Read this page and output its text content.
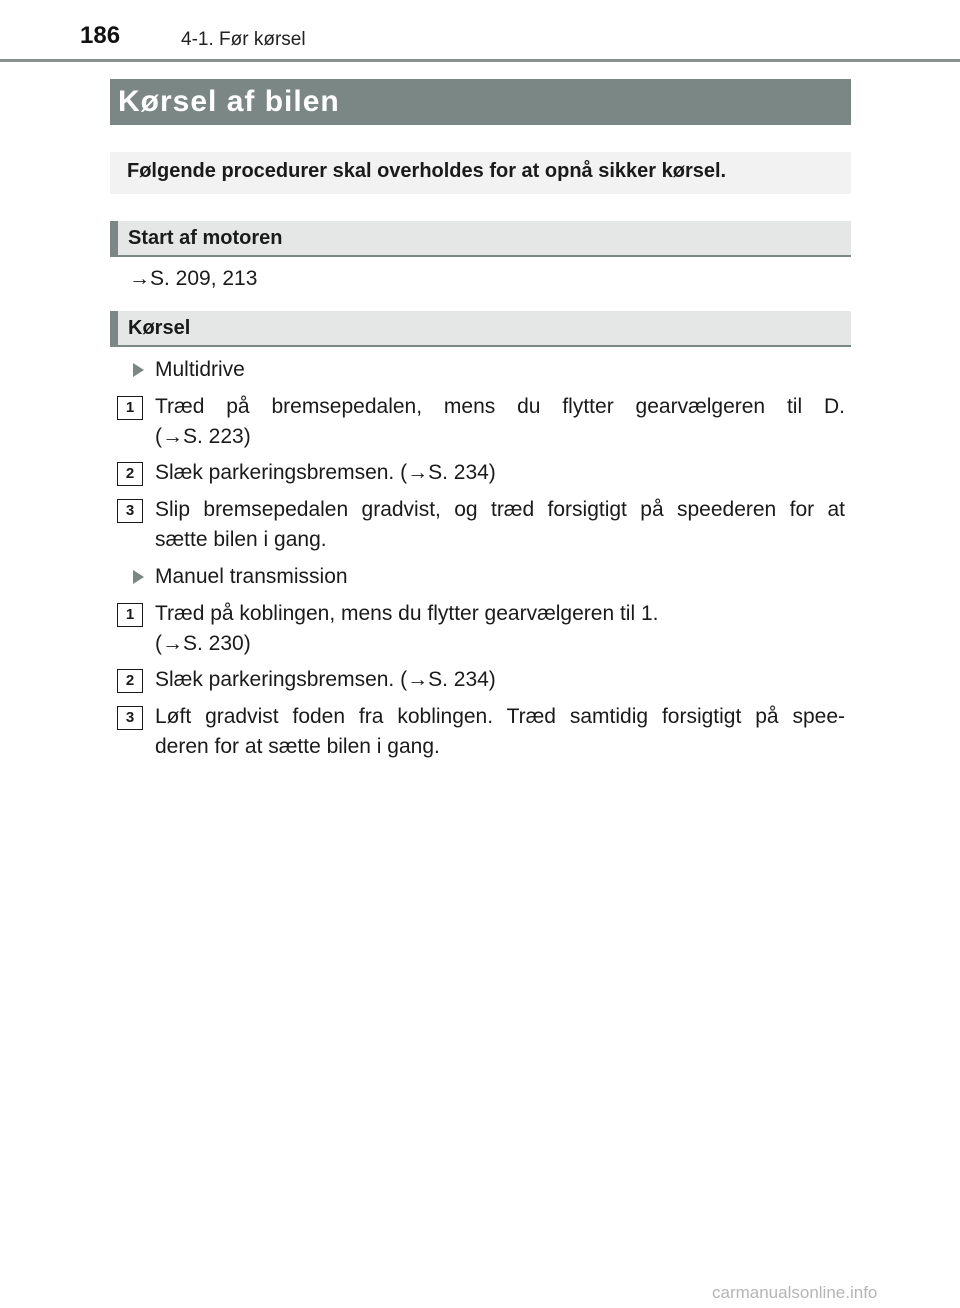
186	4-1. Før kørsel
Kørsel af bilen
Følgende procedurer skal overholdes for at opnå sikker kørsel.
Start af motoren
→S. 209, 213
Kørsel
Multidrive
1 Træd på bremsepedalen, mens du flytter gearvælgeren til D.
(→S. 223)
2 Slæk parkeringsbremsen. (→S. 234)
3 Slip bremsepedalen gradvist, og træd forsigtigt på speederen for at
sætte bilen i gang.
Manuel transmission
1 Træd på koblingen, mens du flytter gearvælgeren til 1.
(→S. 230)
2 Slæk parkeringsbremsen. (→S. 234)
3 Løft gradvist foden fra koblingen. Træd samtidig forsigtigt på spee-
deren for at sætte bilen i gang.
carmanualsonline.info
